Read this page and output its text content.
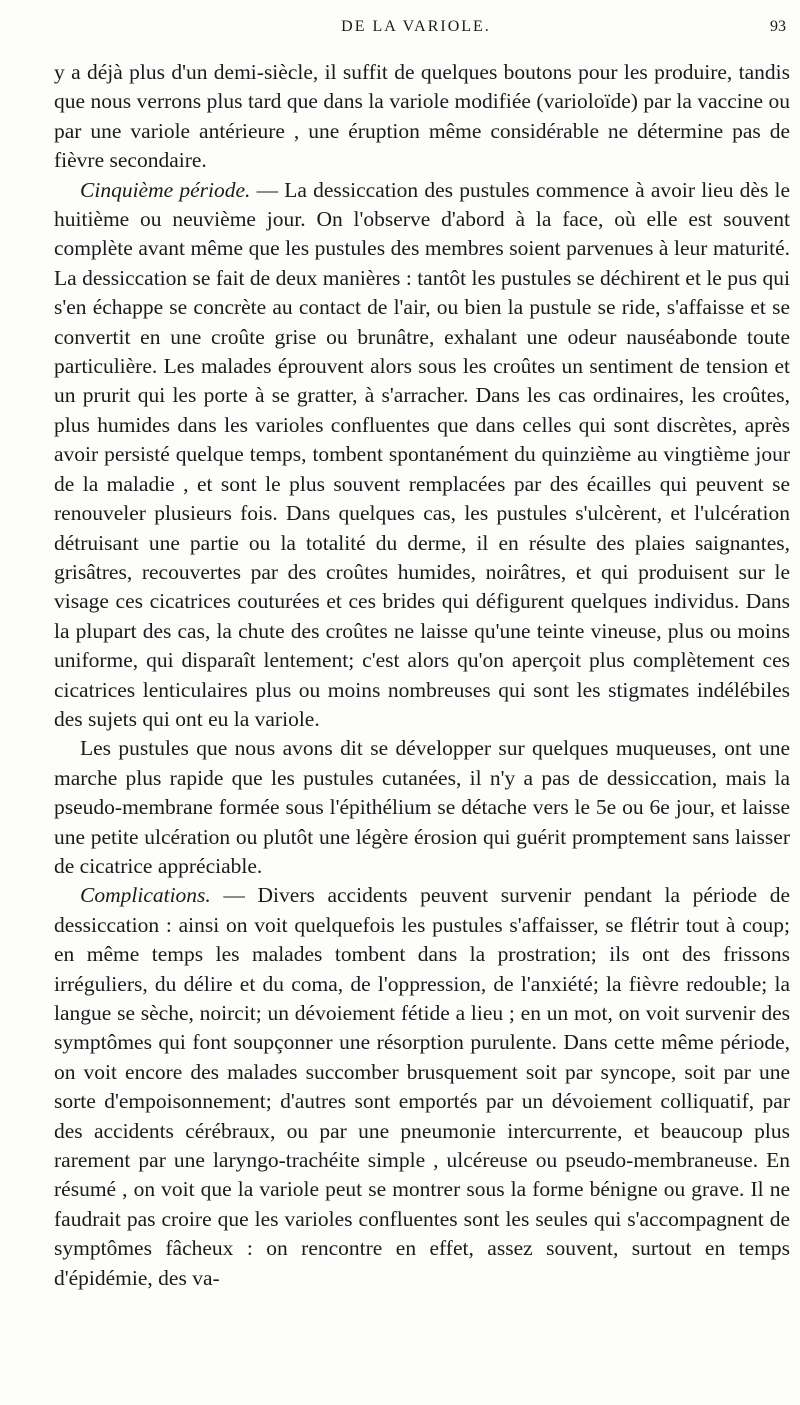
DE LA VARIOLE.	93

y a déjà plus d'un demi-siècle, il suffit de quelques boutons pour les produire, tandis que nous verrons plus tard que dans la variole modifiée (varioloïde) par la vaccine ou par une variole antérieure , une éruption même considérable ne détermine pas de fièvre secondaire.

Cinquième période. — La dessiccation des pustules commence à avoir lieu dès le huitième ou neuvième jour. On l'observe d'abord à la face, où elle est souvent complète avant même que les pustules des membres soient parvenues à leur maturité. La dessiccation se fait de deux manières : tantôt les pustules se déchirent et le pus qui s'en échappe se concrète au contact de l'air, ou bien la pustule se ride, s'affaisse et se convertit en une croûte grise ou brunâtre, exhalant une odeur nauséabonde toute particulière. Les malades éprouvent alors sous les croûtes un sentiment de tension et un prurit qui les porte à se gratter, à s'arracher. Dans les cas ordinaires, les croûtes, plus humides dans les varioles confluentes que dans celles qui sont discrètes, après avoir persisté quelque temps, tombent spontanément du quinzième au vingtième jour de la maladie , et sont le plus souvent remplacées par des écailles qui peuvent se renouveler plusieurs fois. Dans quelques cas, les pustules s'ulcèrent, et l'ulcération détruisant une partie ou la totalité du derme, il en résulte des plaies saignantes, grisâtres, recouvertes par des croûtes humides, noirâtres, et qui produisent sur le visage ces cicatrices couturées et ces brides qui défigurent quelques individus. Dans la plupart des cas, la chute des croûtes ne laisse qu'une teinte vineuse, plus ou moins uniforme, qui disparaît lentement; c'est alors qu'on aperçoit plus complètement ces cicatrices lenticulaires plus ou moins nombreuses qui sont les stigmates indélébiles des sujets qui ont eu la variole.

Les pustules que nous avons dit se développer sur quelques muqueuses, ont une marche plus rapide que les pustules cutanées, il n'y a pas de dessiccation, mais la pseudo-membrane formée sous l'épithélium se détache vers le 5e ou 6e jour, et laisse une petite ulcération ou plutôt une légère érosion qui guérit promptement sans laisser de cicatrice appréciable.

Complications. — Divers accidents peuvent survenir pendant la période de dessiccation : ainsi on voit quelquefois les pustules s'affaisser, se flétrir tout à coup; en même temps les malades tombent dans la prostration; ils ont des frissons irréguliers, du délire et du coma, de l'oppression, de l'anxiété; la fièvre redouble; la langue se sèche, noircit; un dévoiement fétide a lieu ; en un mot, on voit survenir des symptômes qui font soupçonner une résorption purulente. Dans cette même période, on voit encore des malades succomber brusquement soit par syncope, soit par une sorte d'empoisonnement; d'autres sont emportés par un dévoiement colliquatif, par des accidents cérébraux, ou par une pneumonie intercurrente, et beaucoup plus rarement par une laryngo-trachéite simple , ulcéreuse ou pseudo-membraneuse. En résumé , on voit que la variole peut se montrer sous la forme bénigne ou grave. Il ne faudrait pas croire que les varioles confluentes sont les seules qui s'accompagnent de symptômes fâcheux : on rencontre en effet, assez souvent, surtout en temps d'épidémie, des va-
